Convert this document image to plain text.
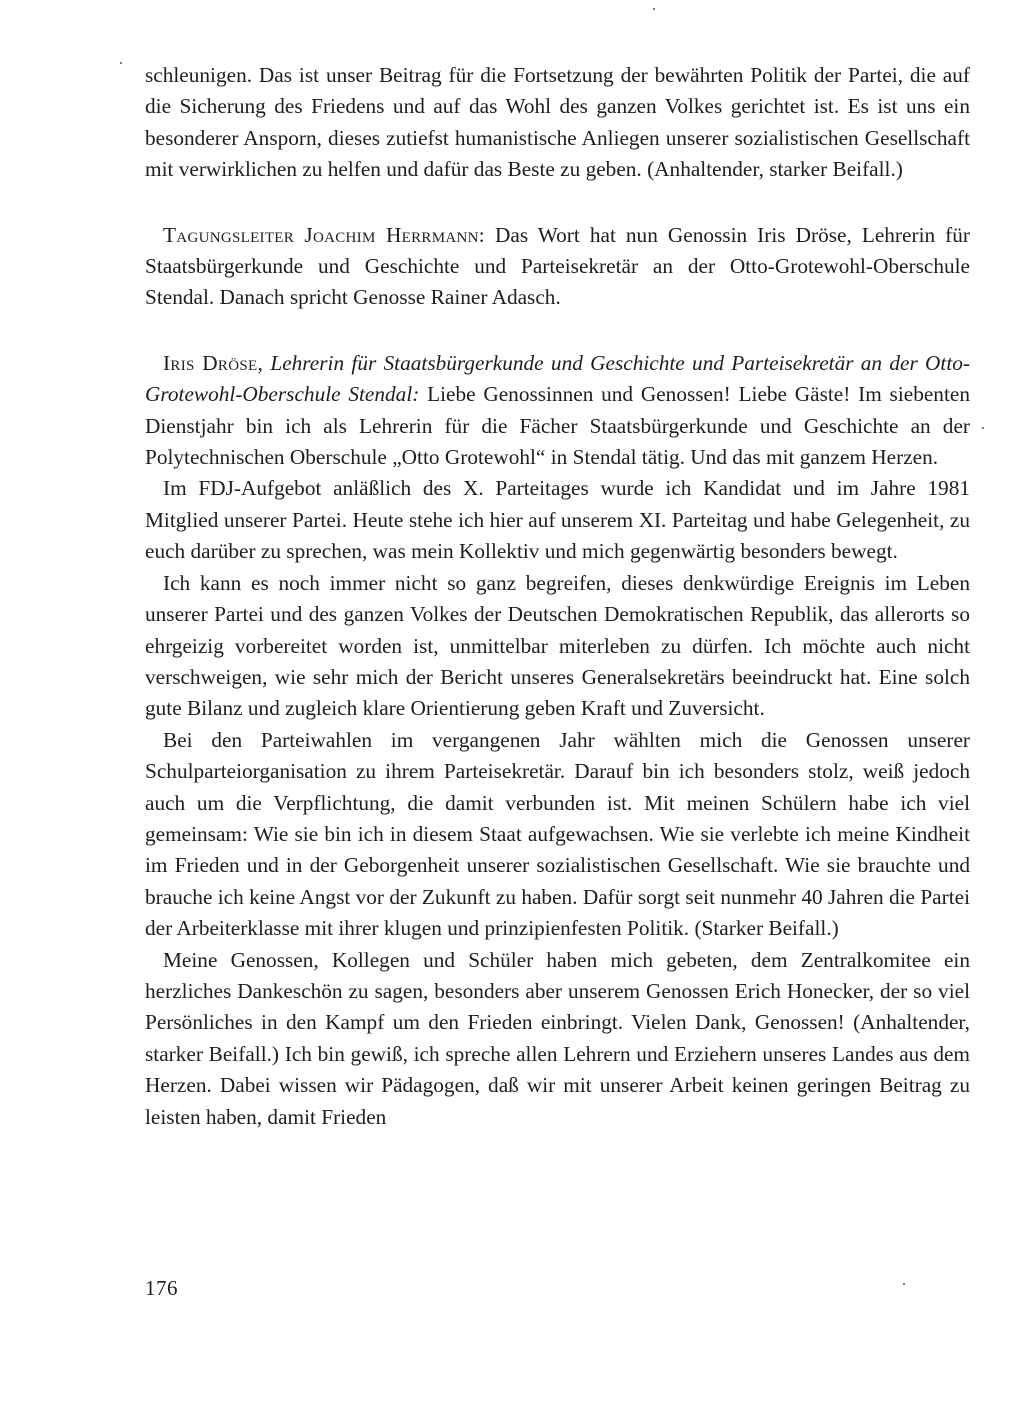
schleunigen. Das ist unser Beitrag für die Fortsetzung der bewährten Politik der Partei, die auf die Sicherung des Friedens und auf das Wohl des ganzen Volkes gerichtet ist. Es ist uns ein besonderer Ansporn, dieses zutiefst humanistische Anliegen unserer sozialistischen Gesellschaft mit verwirklichen zu helfen und dafür das Beste zu geben. (Anhaltender, starker Beifall.)

Tagungsleiter Joachim Herrmann: Das Wort hat nun Genossin Iris Dröse, Lehrerin für Staatsbürgerkunde und Geschichte und Parteisekretär an der Otto-Grotewohl-Oberschule Stendal. Danach spricht Genosse Rainer Adasch.

Iris Dröse, Lehrerin für Staatsbürgerkunde und Geschichte und Parteisekretär an der Otto-Grotewohl-Oberschule Stendal: Liebe Genossinnen und Genossen! Liebe Gäste! Im siebenten Dienstjahr bin ich als Lehrerin für die Fächer Staatsbürgerkunde und Geschichte an der Polytechnischen Oberschule „Otto Grotewohl“ in Stendal tätig. Und das mit ganzem Herzen.

Im FDJ-Aufgebot anläßlich des X. Parteitages wurde ich Kandidat und im Jahre 1981 Mitglied unserer Partei. Heute stehe ich hier auf unserem XI. Parteitag und habe Gelegenheit, zu euch darüber zu sprechen, was mein Kollektiv und mich gegenwärtig besonders bewegt.

Ich kann es noch immer nicht so ganz begreifen, dieses denkwürdige Ereignis im Leben unserer Partei und des ganzen Volkes der Deutschen Demokratischen Republik, das allerorts so ehrgeizig vorbereitet worden ist, unmittelbar miterleben zu dürfen. Ich möchte auch nicht verschweigen, wie sehr mich der Bericht unseres Generalsekretärs beeindruckt hat. Eine solch gute Bilanz und zugleich klare Orientierung geben Kraft und Zuversicht.

Bei den Parteiwahlen im vergangenen Jahr wählten mich die Genossen unserer Schulparteiorganisation zu ihrem Parteisekretär. Darauf bin ich besonders stolz, weiß jedoch auch um die Verpflichtung, die damit verbunden ist. Mit meinen Schülern habe ich viel gemeinsam: Wie sie bin ich in diesem Staat aufgewachsen. Wie sie verlebte ich meine Kindheit im Frieden und in der Geborgenheit unserer sozialistischen Gesellschaft. Wie sie brauchte und brauche ich keine Angst vor der Zukunft zu haben. Dafür sorgt seit nunmehr 40 Jahren die Partei der Arbeiterklasse mit ihrer klugen und prinzipienfesten Politik. (Starker Beifall.)

Meine Genossen, Kollegen und Schüler haben mich gebeten, dem Zentralkomitee ein herzliches Dankeschön zu sagen, besonders aber unserem Genossen Erich Honecker, der so viel Persönliches in den Kampf um den Frieden einbringt. Vielen Dank, Genossen! (Anhaltender, starker Beifall.) Ich bin gewiß, ich spreche allen Lehrern und Erziehern unseres Landes aus dem Herzen. Dabei wissen wir Pädagogen, daß wir mit unserer Arbeit keinen geringen Beitrag zu leisten haben, damit Frieden

176
